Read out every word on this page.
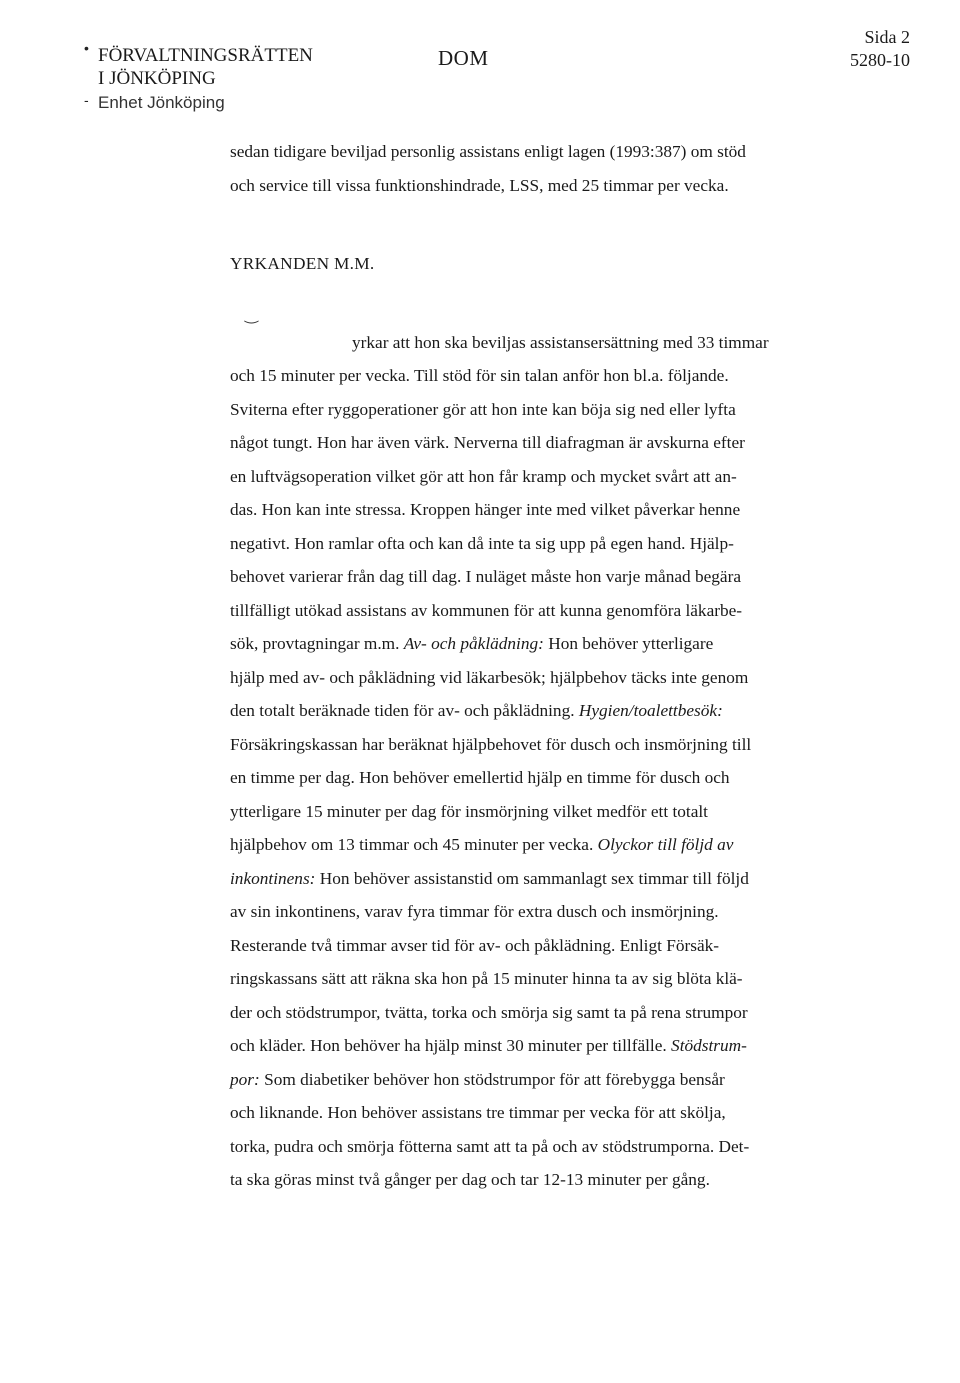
•
-
FÖRVALTNINGSRÄTTEN
I JÖNKÖPING
Enhet Jönköping
DOM
Sida 2
5280-10
‿
sedan tidigare beviljad personlig assistans enligt lagen (1993:387) om stöd
och service till vissa funktionshindrade, LSS, med 25 timmar per vecka.
YRKANDEN M.M.
yrkar att hon ska beviljas assistansersättning med 33 timmar
och 15 minuter per vecka. Till stöd för sin talan anför hon bl.a. följande.
Sviterna efter ryggoperationer gör att hon inte kan böja sig ned eller lyfta
något tungt. Hon har även värk. Nerverna till diafragman är avskurna efter
en luftvägsoperation vilket gör att hon får kramp och mycket svårt att an-
das. Hon kan inte stressa. Kroppen hänger inte med vilket påverkar henne
negativt. Hon ramlar ofta och kan då inte ta sig upp på egen hand. Hjälp-
behovet varierar från dag till dag. I nuläget måste hon varje månad begära
tillfälligt utökad assistans av kommunen för att kunna genomföra läkarbe-
sök, provtagningar m.m. Av- och påklädning: Hon behöver ytterligare
hjälp med av- och påklädning vid läkarbesök; hjälpbehov täcks inte genom
den totalt beräknade tiden för av- och påklädning. Hygien/toalettbesök:
Försäkringskassan har beräknat hjälpbehovet för dusch och insmörjning till
en timme per dag. Hon behöver emellertid hjälp en timme för dusch och
ytterligare 15 minuter per dag för insmörjning vilket medför ett totalt
hjälpbehov om 13 timmar och 45 minuter per vecka. Olyckor till följd av
inkontinens: Hon behöver assistanstid om sammanlagt sex timmar till följd
av sin inkontinens, varav fyra timmar för extra dusch och insmörjning.
Resterande två timmar avser tid för av- och påklädning. Enligt Försäk-
ringskassans sätt att räkna ska hon på 15 minuter hinna ta av sig blöta klä-
der och stödstrumpor, tvätta, torka och smörja sig samt ta på rena strumpor
och kläder. Hon behöver ha hjälp minst 30 minuter per tillfälle. Stödstrum-
por: Som diabetiker behöver hon stödstrumpor för att förebygga bensår
och liknande. Hon behöver assistans tre timmar per vecka för att skölja,
torka, pudra och smörja fötterna samt att ta på och av stödstrumporna. Det-
ta ska göras minst två gånger per dag och tar 12-13 minuter per gång.
